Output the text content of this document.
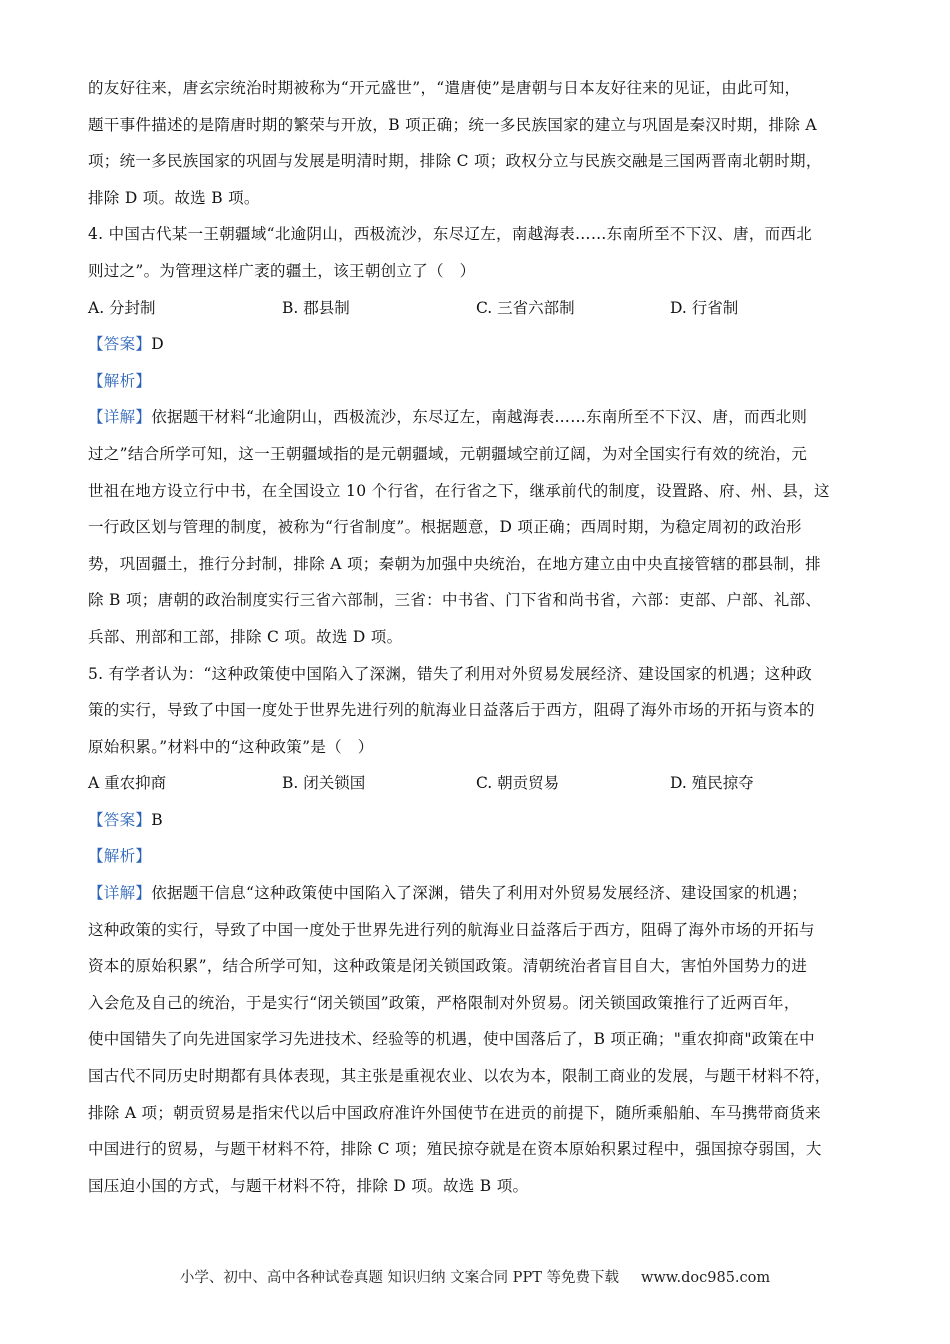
的友好往来，唐玄宗统治时期被称为“开元盛世”，“遣唐使”是唐朝与日本友好往来的见证，由此可知，
题干事件描述的是隋唐时期的繁荣与开放，B 项正确；统一多民族国家的建立与巩固是秦汉时期，排除 A
项；统一多民族国家的巩固与发展是明清时期，排除 C 项；政权分立与民族交融是三国两晋南北朝时期，
排除 D 项。故选 B 项。
4. 中国古代某一王朝疆域“北逾阴山，西极流沙，东尽辽左，南越海表……东南所至不下汉、唐，而西北
则过之”。为管理这样广袤的疆土，该王朝创立了（　）
A. 分封制	B. 郡县制	C. 三省六部制	D. 行省制
【答案】D
【解析】
【详解】依据题干材料“北逾阴山，西极流沙，东尽辽左，南越海表……东南所至不下汉、唐，而西北则
过之”结合所学可知，这一王朝疆域指的是元朝疆域，元朝疆域空前辽阔，为对全国实行有效的统治，元
世祖在地方设立行中书，在全国设立 10 个行省，在行省之下，继承前代的制度，设置路、府、州、县，这
一行政区划与管理的制度，被称为“行省制度”。根据题意，D 项正确；西周时期，为稳定周初的政治形
势，巩固疆土，推行分封制，排除 A 项；秦朝为加强中央统治，在地方建立由中央直接管辖的郡县制，排
除 B 项；唐朝的政治制度实行三省六部制，三省：中书省、门下省和尚书省，六部：吏部、户部、礼部、
兵部、刑部和工部，排除 C 项。故选 D 项。
5. 有学者认为：“这种政策使中国陷入了深渊，错失了利用对外贸易发展经济、建设国家的机遇；这种政
策的实行，导致了中国一度处于世界先进行列的航海业日益落后于西方，阻碍了海外市场的开拓与资本的
原始积累。”材料中的“这种政策”是（　）
A 重农抑商	B. 闭关锁国	C. 朝贡贸易	D. 殖民掠夺
【答案】B
【解析】
【详解】依据题干信息“这种政策使中国陷入了深渊，错失了利用对外贸易发展经济、建设国家的机遇；
这种政策的实行，导致了中国一度处于世界先进行列的航海业日益落后于西方，阻碍了海外市场的开拓与
资本的原始积累”，结合所学可知，这种政策是闭关锁国政策。清朝统治者盲目自大，害怕外国势力的进
入会危及自己的统治，于是实行“闭关锁国”政策，严格限制对外贸易。闭关锁国政策推行了近两百年，
使中国错失了向先进国家学习先进技术、经验等的机遇，使中国落后了，B 项正确；"重农抑商"政策在中
国古代不同历史时期都有具体表现，其主张是重视农业、以农为本，限制工商业的发展，与题干材料不符，
排除 A 项；朝贡贸易是指宋代以后中国政府准许外国使节在进贡的前提下，随所乘船舶、车马携带商货来
中国进行的贸易，与题干材料不符，排除 C 项；殖民掠夺就是在资本原始积累过程中，强国掠夺弱国，大
国压迫小国的方式，与题干材料不符，排除 D 项。故选 B 项。
小学、初中、高中各种试卷真题 知识归纳 文案合同 PPT 等免费下载 www.doc985.com
